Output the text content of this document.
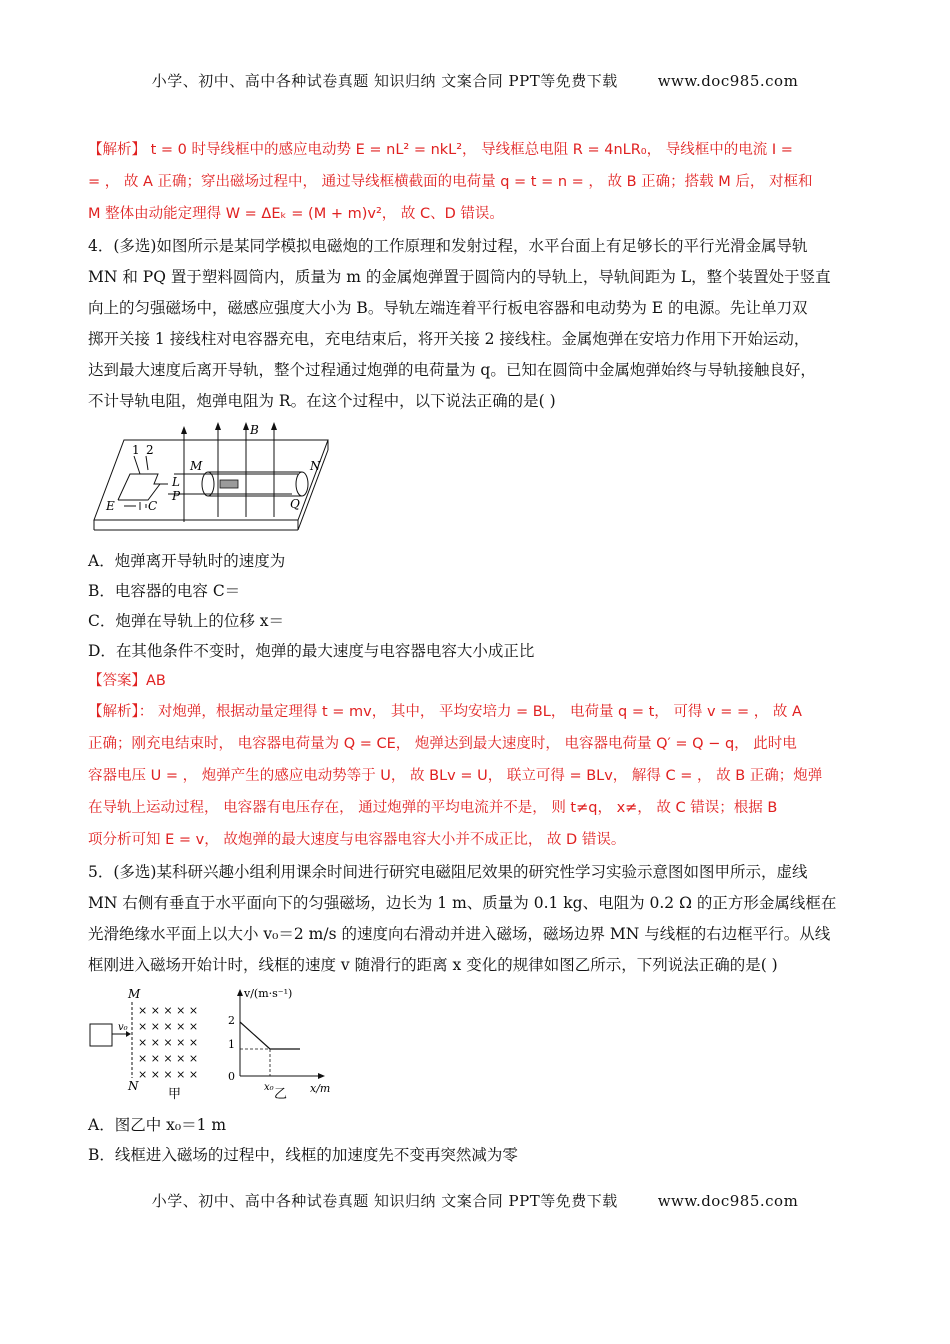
小学、初中、高中各种试卷真题 知识归纳 文案合同 PPT等免费下载	www.doc985.com
【解析】 t = 0 时导线框中的感应电动势 E = nL² = nkL²， 导线框总电阻 R = 4nLR₀， 导线框中的电流 I =
= ， 故 A 正确；穿出磁场过程中， 通过导线框横截面的电荷量 q = t = n = ， 故 B 正确；搭载 M 后， 对框和
M 整体由动能定理得 W = ΔEₖ = (M + m)v²， 故 C、D 错误。
4．(多选)如图所示是某同学模拟电磁炮的工作原理和发射过程，水平台面上有足够长的平行光滑金属导轨
MN 和 PQ 置于塑料圆筒内，质量为 m 的金属炮弹置于圆筒内的导轨上，导轨间距为 L，整个装置处于竖直
向上的匀强磁场中，磁感应强度大小为 B。导轨左端连着平行板电容器和电动势为 E 的电源。先让单刀双
掷开关接 1 接线柱对电容器充电，充电结束后，将开关接 2 接线柱。金属炮弹在安培力作用下开始运动，
达到最大速度后离开导轨，整个过程通过炮弹的电荷量为 q。已知在圆筒中金属炮弹始终与导轨接触良好，
不计导轨电阻，炮弹电阻为 R。在这个过程中，以下说法正确的是( )
1 2
B
M	N
L
P
Q
E	C
A．炮弹离开导轨时的速度为
B．电容器的电容 C＝
C．炮弹在导轨上的位移 x＝
D．在其他条件不变时，炮弹的最大速度与电容器电容大小成正比
【答案】AB
【解析】： 对炮弹，根据动量定理得 t = mv， 其中， 平均安培力 = BL， 电荷量 q = t， 可得 v = = ， 故 A
正确；刚充电结束时， 电容器电荷量为 Q = CE， 炮弹达到最大速度时， 电容器电荷量 Q′ = Q − q， 此时电
容器电压 U = ， 炮弹产生的感应电动势等于 U， 故 BLv = U， 联立可得 = BLv， 解得 C = ， 故 B 正确；炮弹
在导轨上运动过程， 电容器有电压存在， 通过炮弹的平均电流并不是， 则 t≠q， x≠， 故 C 错误；根据 B
项分析可知 E = v， 故炮弹的最大速度与电容器电容大小并不成正比， 故 D 错误。
5．(多选)某科研兴趣小组利用课余时间进行研究电磁阻尼效果的研究性学习实验示意图如图甲所示，虚线
MN 右侧有垂直于水平面向下的匀强磁场，边长为 1 m、质量为 0.1 kg、电阻为 0.2 Ω 的正方形金属线框在
光滑绝缘水平面上以大小 v₀＝2 m/s 的速度向右滑动并进入磁场，磁场边界 MN 与线框的右边框平行。从线
框刚进入磁场开始计时，线框的速度 v 随滑行的距离 x 变化的规律如图乙所示，下列说法正确的是( )
M
N
v₀
× × × × ×
× × × × ×
× × × × ×
× × × × ×
× × × × ×
甲
v/(m·s⁻¹)
x/m
2
1
0
x₀ 乙
A．图乙中 x₀＝1 m
B．线框进入磁场的过程中，线框的加速度先不变再突然减为零
小学、初中、高中各种试卷真题 知识归纳 文案合同 PPT等免费下载	www.doc985.com
